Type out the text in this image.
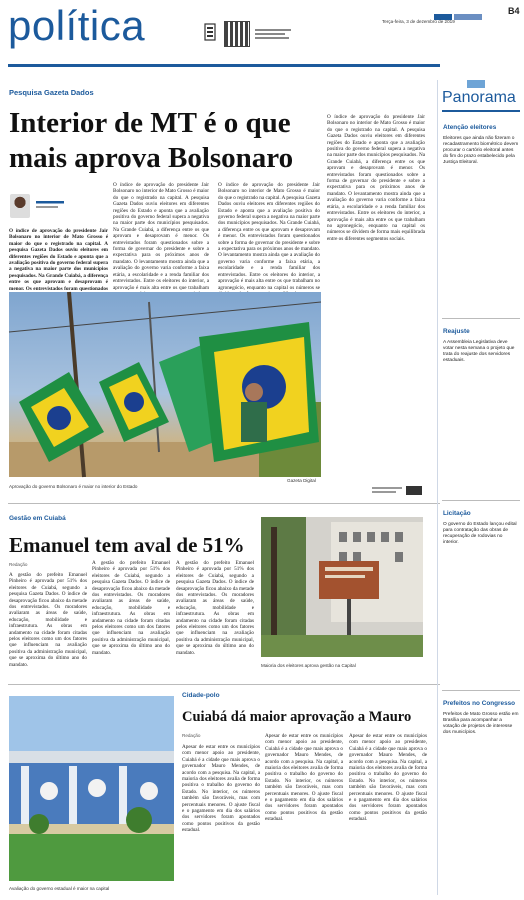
política	B4
Terça-feira, 3 de dezembro de 2019
Pesquisa Gazeta Dados
Interior de MT é o que mais aprova Bolsonaro
O índice de aprovação do presidente Jair Bolsonaro no interior de Mato Grosso é maior do que o registrado na capital. A pesquisa Gazeta Dados ouviu eleitores em diferentes regiões do Estado e aponta que a avaliação positiva do governo federal supera a negativa na maior parte dos municípios pesquisados. Na Grande Cuiabá, a diferença entre os que aprovam e desaprovam é menor. Os entrevistados foram questionados
O índice de aprovação do presidente Jair Bolsonaro no interior de Mato Grosso é maior do que o registrado na capital. A pesquisa Gazeta Dados ouviu eleitores em diferentes regiões do Estado e aponta que a avaliação positiva do governo federal supera a negativa na maior parte dos municípios pesquisados. Na Grande Cuiabá, a diferença entre os que aprovam e desaprovam é menor. Os entrevistados foram questionados sobre a forma de governar do presidente e sobre a expectativa para os próximos anos de mandato. O levantamento mostra ainda que a avaliação do governo varia conforme a faixa etária, a escolaridade e a renda familiar dos entrevistados. Entre os eleitores do interior, a aprovação é mais alta entre os que trabalham
O índice de aprovação do presidente Jair Bolsonaro no interior de Mato Grosso é maior do que o registrado na capital. A pesquisa Gazeta Dados ouviu eleitores em diferentes regiões do Estado e aponta que a avaliação positiva do governo federal supera a negativa na maior parte dos municípios pesquisados. Na Grande Cuiabá, a diferença entre os que aprovam e desaprovam é menor. Os entrevistados foram questionados sobre a forma de governar do presidente e sobre a expectativa para os próximos anos de mandato. O levantamento mostra ainda que a avaliação do governo varia conforme a faixa etária, a escolaridade e a renda familiar dos entrevistados. Entre os eleitores do interior, a aprovação é mais alta entre os que trabalham no agronegócio, enquanto na capital os números se
O índice de aprovação do presidente Jair Bolsonaro no interior de Mato Grosso é maior do que o registrado na capital. A pesquisa Gazeta Dados ouviu eleitores em diferentes regiões do Estado e aponta que a avaliação positiva do governo federal supera a negativa na maior parte dos municípios pesquisados. Na Grande Cuiabá, a diferença entre os que aprovam e desaprovam é menor. Os entrevistados foram questionados sobre a forma de governar do presidente e sobre a expectativa para os próximos anos de mandato. O levantamento mostra ainda que a avaliação do governo varia conforme a faixa etária, a escolaridade e a renda familiar dos entrevistados. Entre os eleitores do interior, a aprovação é mais alta entre os que trabalham no agronegócio, enquanto na capital os números se dividem de forma mais equilibrada entre os diferentes segmentos sociais.
Aprovação do governo Bolsonaro é maior no interior do Estado
Gazeta Digital
Gestão em Cuiabá
Emanuel tem aval de 51%
Redação
A gestão do prefeito Emanuel Pinheiro é aprovada por 51% dos eleitores de Cuiabá, segundo a pesquisa Gazeta Dados. O índice de desaprovação ficou abaixo da metade dos entrevistados. Os moradores avaliaram as áreas de saúde, educação, mobilidade e infraestrutura. As obras em andamento na cidade foram citadas pelos eleitores como um dos fatores que influenciam na avaliação positiva da administração municipal, que se aproxima do último ano do mandato.
A gestão do prefeito Emanuel Pinheiro é aprovada por 51% dos eleitores de Cuiabá, segundo a pesquisa Gazeta Dados. O índice de desaprovação ficou abaixo da metade dos entrevistados. Os moradores avaliaram as áreas de saúde, educação, mobilidade e infraestrutura. As obras em andamento na cidade foram citadas pelos eleitores como um dos fatores que influenciam na avaliação positiva da administração municipal, que se aproxima do último ano do mandato.
A gestão do prefeito Emanuel Pinheiro é aprovada por 51% dos eleitores de Cuiabá, segundo a pesquisa Gazeta Dados. O índice de desaprovação ficou abaixo da metade dos entrevistados. Os moradores avaliaram as áreas de saúde, educação, mobilidade e infraestrutura. As obras em andamento na cidade foram citadas pelos eleitores como um dos fatores que influenciam na avaliação positiva da administração municipal, que se aproxima do último ano do mandato.
Maioria dos eleitores aprova gestão na Capital
Avaliação do governo estadual é maior na capital
Cidade-polo
Cuiabá dá maior aprovação a Mauro
Redação
Apesar de estar entre os municípios com menor apoio ao presidente, Cuiabá é a cidade que mais aprova o governador Mauro Mendes, de acordo com a pesquisa. Na capital, a maioria dos eleitores avalia de forma positiva o trabalho do governo do Estado. No interior, os números também são favoráveis, mas com percentuais menores. O ajuste fiscal e o pagamento em dia dos salários dos servidores foram apontados como pontos positivos da gestão estadual.
Apesar de estar entre os municípios com menor apoio ao presidente, Cuiabá é a cidade que mais aprova o governador Mauro Mendes, de acordo com a pesquisa. Na capital, a maioria dos eleitores avalia de forma positiva o trabalho do governo do Estado. No interior, os números também são favoráveis, mas com percentuais menores. O ajuste fiscal e o pagamento em dia dos salários dos servidores foram apontados como pontos positivos da gestão estadual.
Apesar de estar entre os municípios com menor apoio ao presidente, Cuiabá é a cidade que mais aprova o governador Mauro Mendes, de acordo com a pesquisa. Na capital, a maioria dos eleitores avalia de forma positiva o trabalho do governo do Estado. No interior, os números também são favoráveis, mas com percentuais menores. O ajuste fiscal e o pagamento em dia dos salários dos servidores foram apontados como pontos positivos da gestão estadual.
Panorama
Atenção eleitores
Eleitores que ainda não fizeram o recadastramento biométrico devem procurar o cartório eleitoral antes do fim do prazo estabelecido pela Justiça Eleitoral.
Reajuste
A Assembleia Legislativa deve votar nesta semana o projeto que trata do reajuste dos servidores estaduais.
Licitação
O governo do Estado lançou edital para contratação das obras de recuperação de rodovias no interior.
Prefeitos no Congresso
Prefeitos de Mato Grosso estão em Brasília para acompanhar a votação de projetos de interesse dos municípios.
